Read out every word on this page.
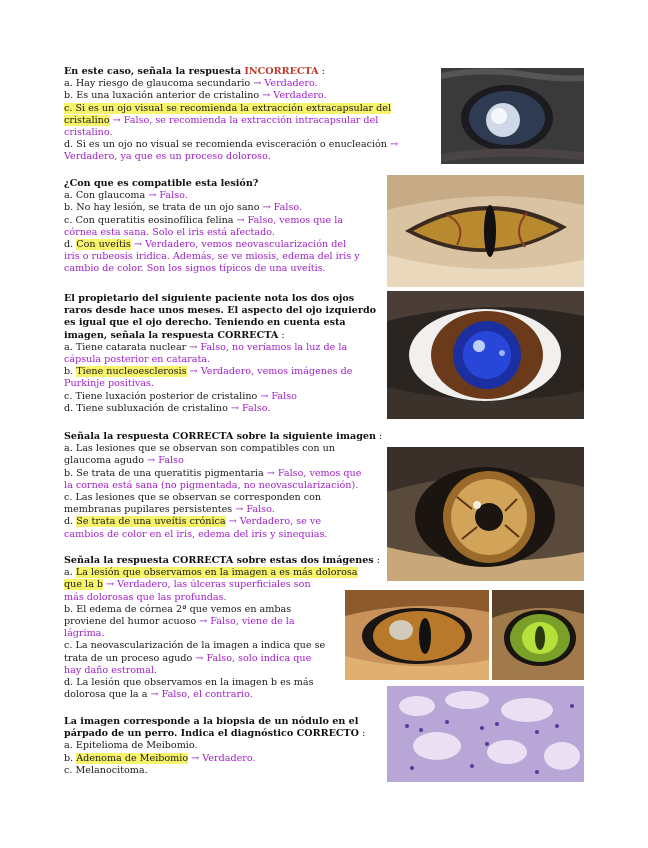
En este caso, señala la respuesta INCORRECTA :
a. Hay riesgo de glaucoma secundario → Verdadero.
b. Es una luxación anterior de cristalino → Verdadero.
c. Si es un ojo visual se recomienda la extracción extracapsular del
cristalino → Falso, se recomienda la extracción intracapsular del
cristalino.
d. Si es un ojo no visual se recomienda evisceración o enucleación →
Verdadero, ya que es un proceso doloroso.
¿Con que es compatible esta lesión?
a. Con glaucoma → Falso.
b. No hay lesión, se trata de un ojo sano → Falso.
c. Con queratitis eosinofílica felina → Falso, vemos que la
córnea esta sana. Solo el iris está afectado.
d. Con uveítis → Verdadero, vemos neovascularización del
iris o rubeosis iridica. Además, se ve miosis, edema del iris y
cambio de color. Son los signos típicos de una uveítis.
El propietario del siguiente paciente nota los dos ojos
raros desde hace unos meses. El aspecto del ojo izquierdo
es igual que el ojo derecho. Teniendo en cuenta esta
imagen, señala la respuesta CORRECTA :
a. Tiene catarata nuclear → Falso, no veríamos la luz de la
cápsula posterior en catarata.
b. Tiene nucleoesclerosis → Verdadero, vemos imágenes de
Purkinje positivas.
c. Tiene luxación posterior de cristalino → Falso
d. Tiene subluxación de cristalino → Falso.
Señala la respuesta CORRECTA sobre la siguiente imagen :
a. Las lesiones que se observan son compatibles con un
glaucoma agudo → Falso
b. Se trata de una queratitis pigmentaria → Falso, vemos que
la cornea está sana (no pigmentada, no neovascularización).
c. Las lesiones que se observan se corresponden con
membranas pupilares persistentes → Falso.
d. Se trata de una uveítis crónica → Verdadero, se ve
cambios de color en el iris, edema del iris y sinequias.
Señala la respuesta CORRECTA sobre estas dos imágenes :
a. La lesión que observamos en la imagen a es más dolorosa
que la b → Verdadero, las úlceras superficiales son
más dolorosas que las profundas.
b. El edema de córnea 2ª que vemos en ambas
proviene del humor acuoso → Falso, viene de la
lágrima.
c. La neovascularización de la imagen a indica que se
trata de un proceso agudo → Falso, solo indica que
hay daño estromal.
d. La lesión que observamos en la imagen b es más
dolorosa que la a → Falso, el contrario.
La imagen corresponde a la biopsia de un nódulo en el
párpado de un perro. Indica el diagnóstico CORRECTO :
a. Epitelioma de Meibomio.
b. Adenoma de Meibomio → Verdadero.
c. Melanocitoma.
